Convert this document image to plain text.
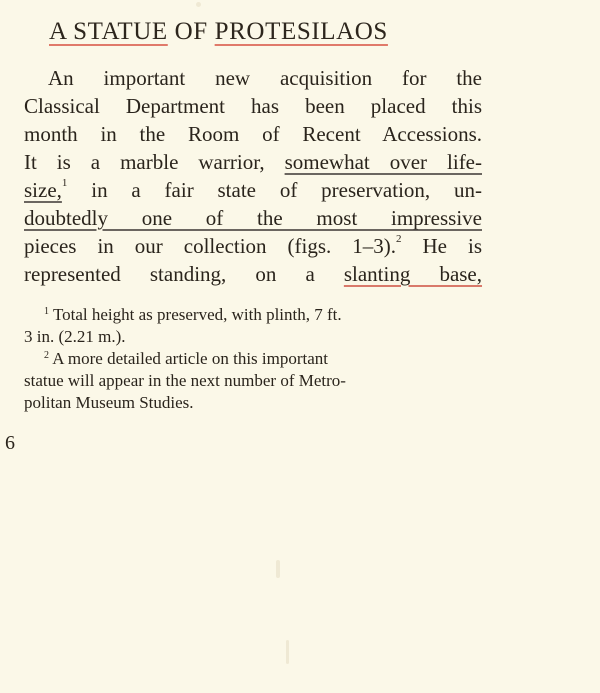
A STATUE OF PROTESILAOS
An important new acquisition for the
Classical Department has been placed this
month in the Room of Recent Accessions.
It is a marble warrior, somewhat over life-
size,$^1$ in a fair state of preservation, un-
doubtedly one of the most impressive
pieces in our collection (figs. 1–3).$^2$ He is
represented standing, on a slanting base,
$^1$ Total height as preserved, with plinth, 7 ft.
3 in. (2.21 m.).
$^2$ A more detailed article on this important
statue will appear in the next number of Metro-
politan Museum Studies.
6
